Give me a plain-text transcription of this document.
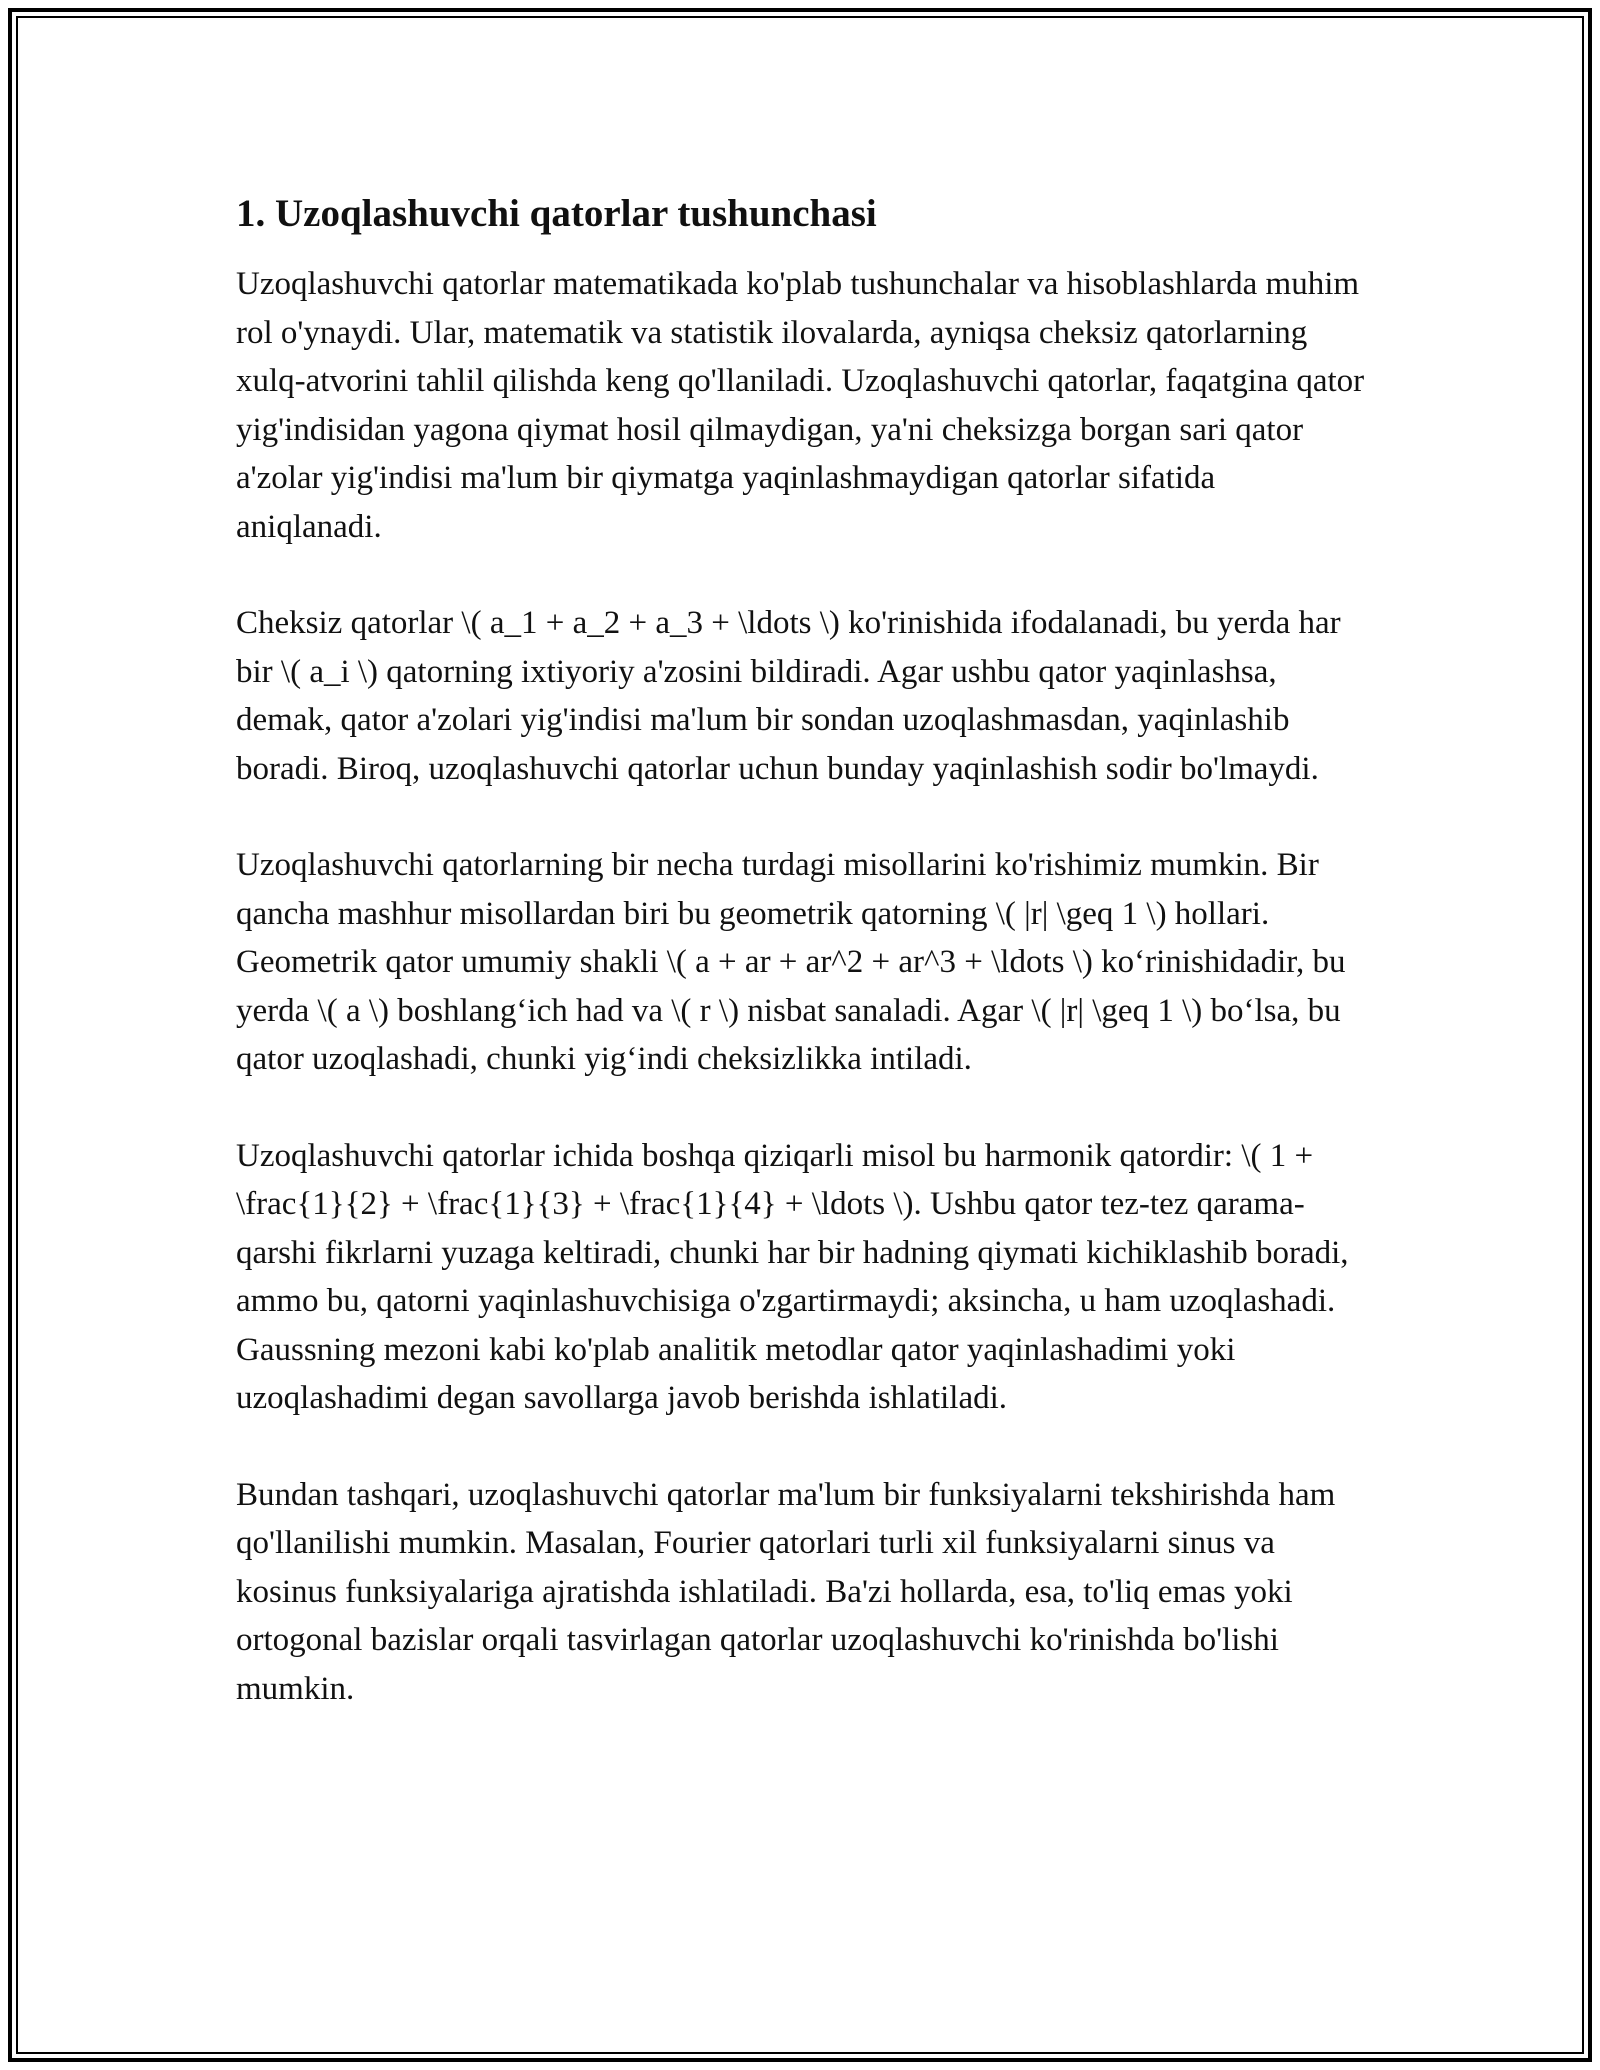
1. Uzoqlashuvchi qatorlar tushunchasi

Uzoqlashuvchi qatorlar matematikada ko'plab tushunchalar va hisoblashlarda muhim rol o'ynaydi. Ular, matematik va statistik ilovalarda, ayniqsa cheksiz qatorlarning xulq-atvorini tahlil qilishda keng qo'llaniladi. Uzoqlashuvchi qatorlar, faqatgina qator yig'indisidan yagona qiymat hosil qilmaydigan, ya'ni cheksizga borgan sari qator a'zolar yig'indisi ma'lum bir qiymatga yaqinlashmaydigan qatorlar sifatida aniqlanadi.

Cheksiz qatorlar \( a_1 + a_2 + a_3 + \ldots \) ko'rinishida ifodalanadi, bu yerda har bir \( a_i \) qatorning ixtiyoriy a'zosini bildiradi. Agar ushbu qator yaqinlashsa, demak, qator a'zolari yig'indisi ma'lum bir sondan uzoqlashmasdan, yaqinlashib boradi. Biroq, uzoqlashuvchi qatorlar uchun bunday yaqinlashish sodir bo'lmaydi.

Uzoqlashuvchi qatorlarning bir necha turdagi misollarini ko'rishimiz mumkin. Bir qancha mashhur misollardan biri bu geometrik qatorning \( |r| \geq 1 \) hollari. Geometrik qator umumiy shakli \( a + ar + ar^2 + ar^3 + \ldots \) ko‘rinishidadir, bu yerda \( a \) boshlang‘ich had va \( r \) nisbat sanaladi. Agar \( |r| \geq 1 \) bo‘lsa, bu qator uzoqlashadi, chunki yig‘indi cheksizlikka intiladi.

Uzoqlashuvchi qatorlar ichida boshqa qiziqarli misol bu harmonik qatordir: \( 1 + \frac{1}{2} + \frac{1}{3} + \frac{1}{4} + \ldots \). Ushbu qator tez-tez qarama-qarshi fikrlarni yuzaga keltiradi, chunki har bir hadning qiymati kichiklashib boradi, ammo bu, qatorni yaqinlashuvchisiga o'zgartirmaydi; aksincha, u ham uzoqlashadi. Gaussning mezoni kabi ko'plab analitik metodlar qator yaqinlashadimi yoki uzoqlashadimi degan savollarga javob berishda ishlatiladi.

Bundan tashqari, uzoqlashuvchi qatorlar ma'lum bir funksiyalarni tekshirishda ham qo'llanilishi mumkin. Masalan, Fourier qatorlari turli xil funksiyalarni sinus va kosinus funksiyalariga ajratishda ishlatiladi. Ba'zi hollarda, esa, to'liq emas yoki ortogonal bazislar orqali tasvirlagan qatorlar uzoqlashuvchi ko'rinishda bo'lishi mumkin.
